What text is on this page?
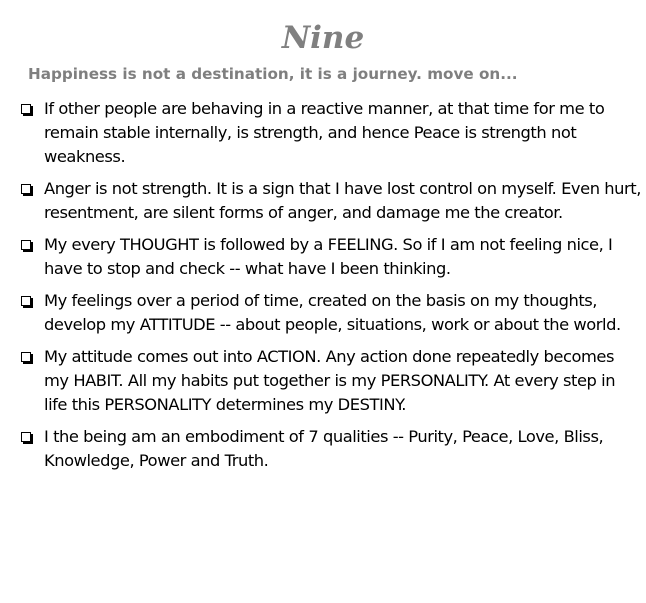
Nine
Happiness is not a destination, it is a journey. move on...
If other people are behaving in a reactive manner, at that time for me to remain stable internally, is strength, and hence Peace is strength not weakness.
Anger is not strength. It is a sign that I have lost control on myself. Even hurt, resentment, are silent forms of anger, and damage me the creator.
My every THOUGHT is followed by a FEELING. So if I am not feeling nice, I have to stop and check -- what have I been thinking.
My feelings over a period of time, created on the basis on my thoughts, develop my ATTITUDE -- about people, situations, work or about the world.
My attitude comes out into ACTION. Any action done repeatedly becomes my HABIT. All my habits put together is my PERSONALITY. At every step in life this PERSONALITY determines my DESTINY.
I the being am an embodiment of 7 qualities -- Purity, Peace, Love, Bliss, Knowledge, Power and Truth.
